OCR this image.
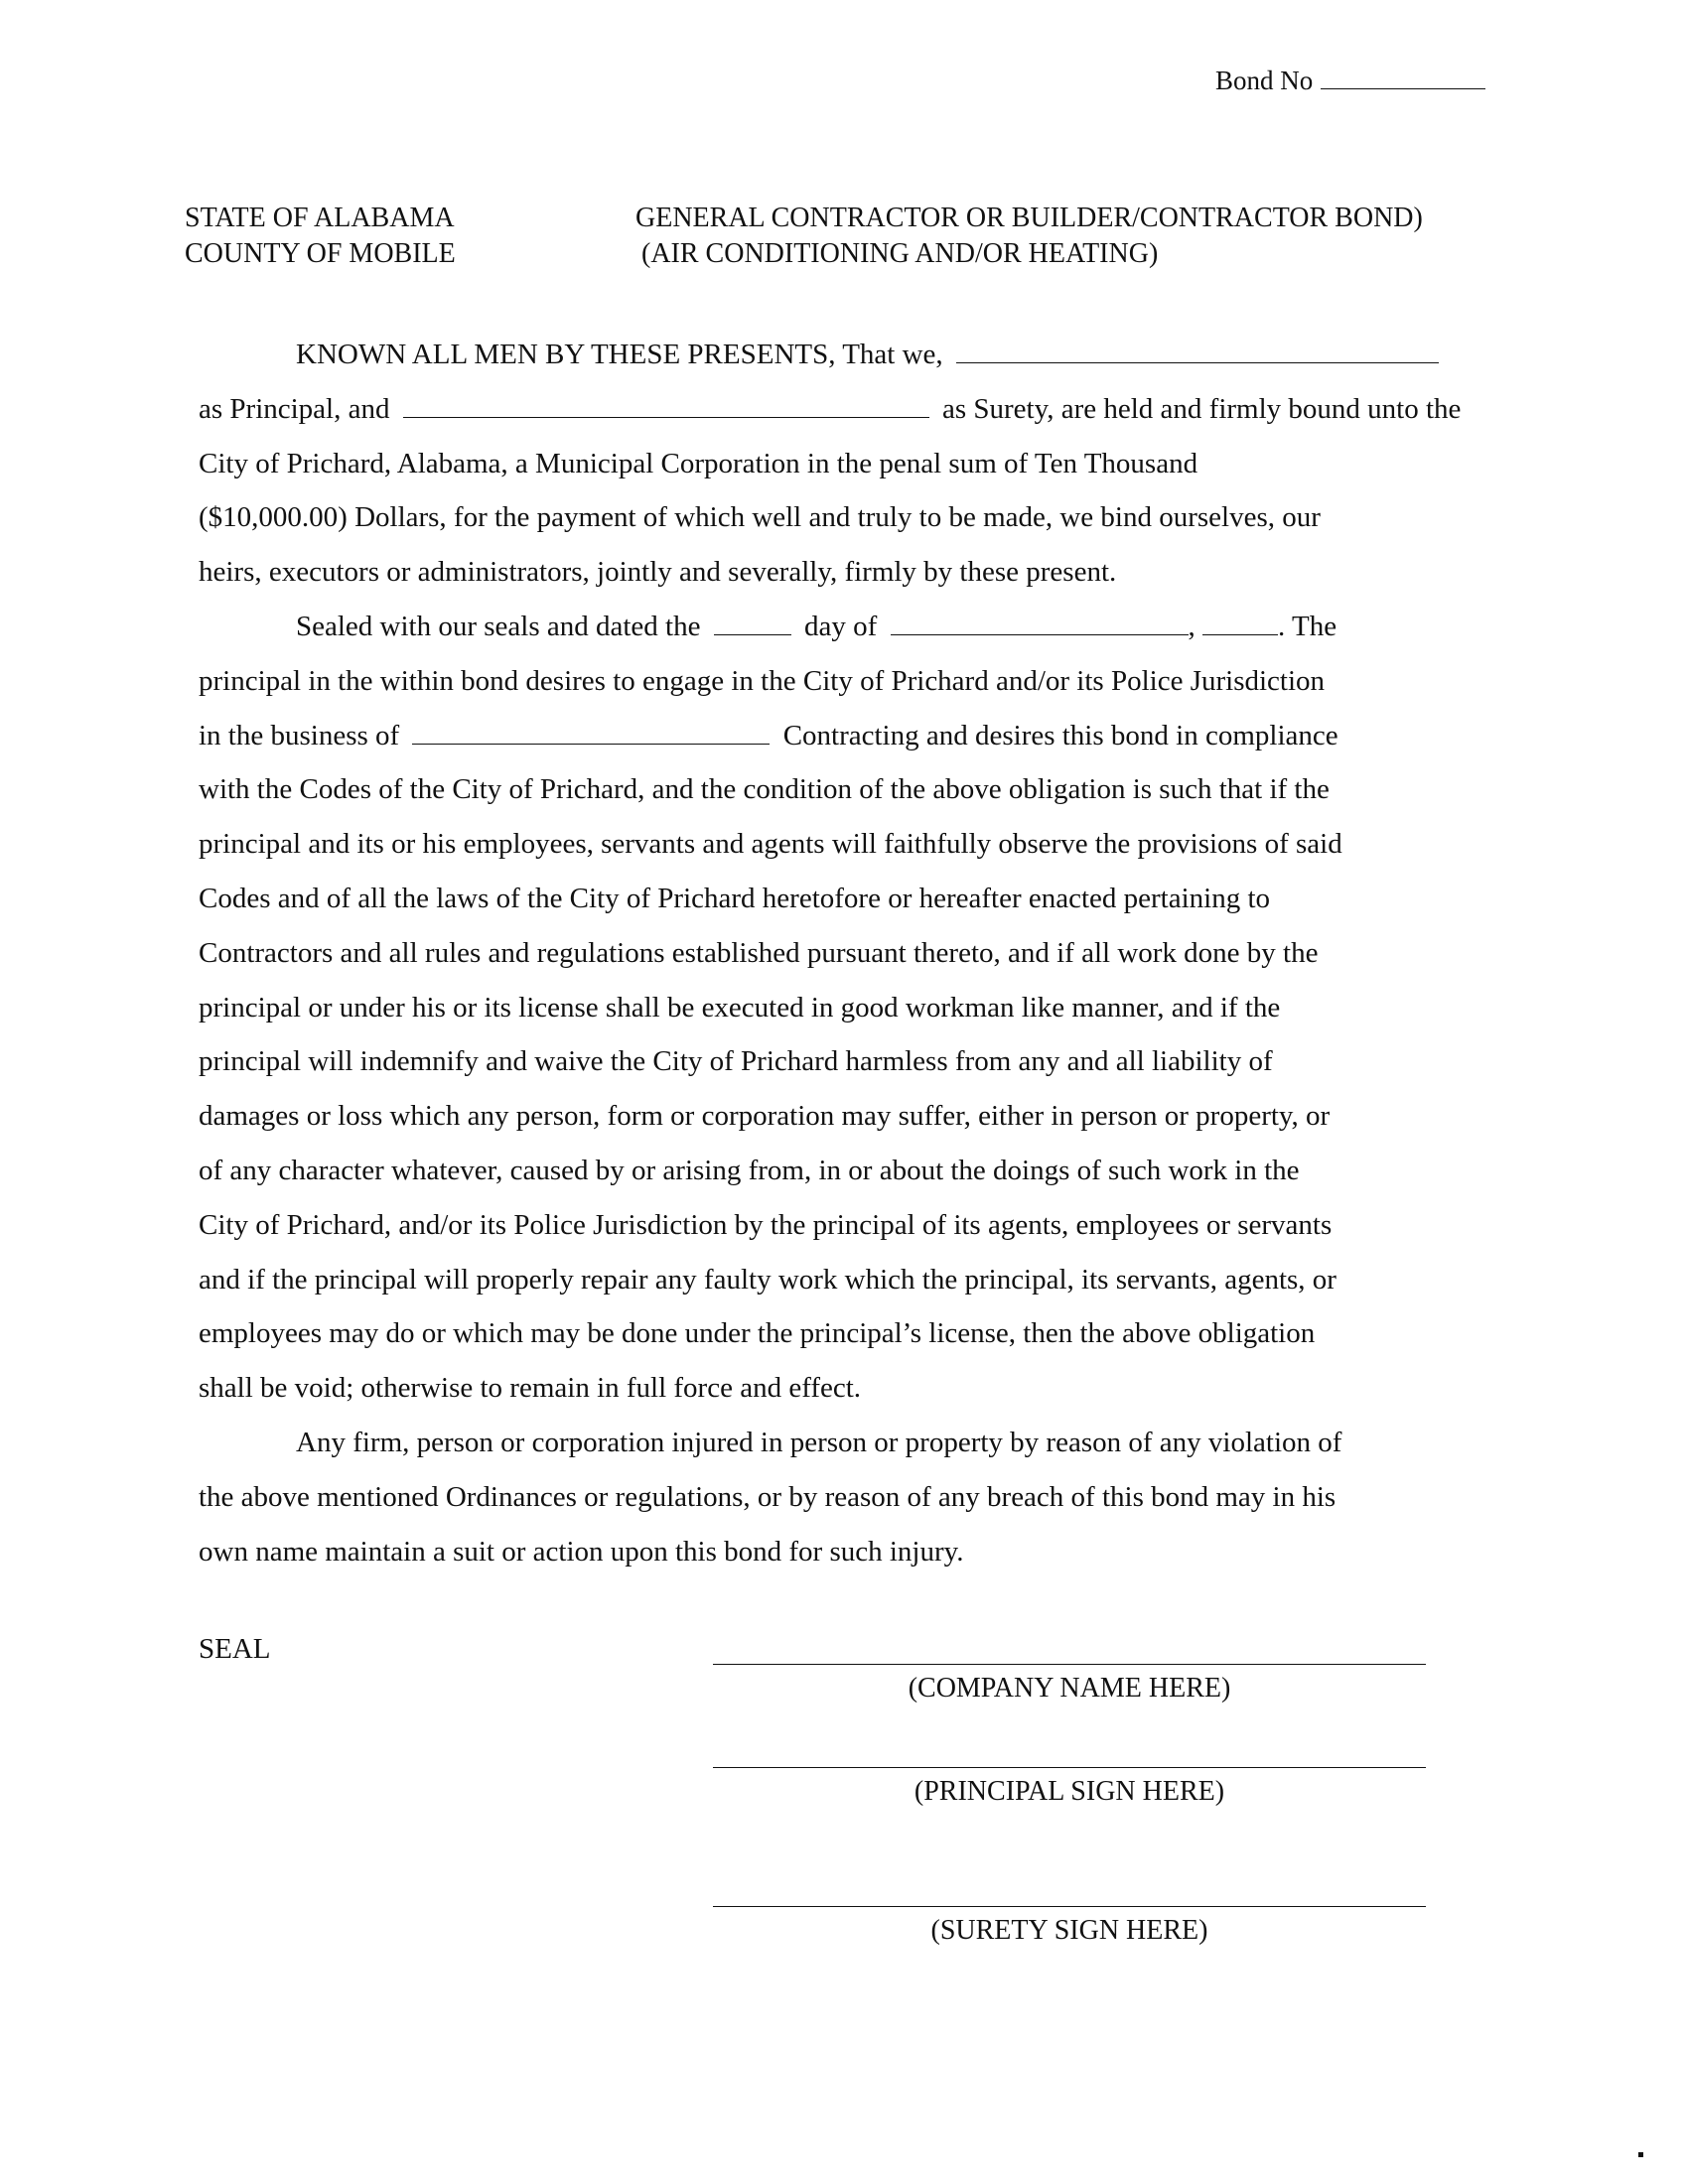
Bond No
STATE OF ALABAMA
COUNTY OF MOBILE
GENERAL CONTRACTOR OR BUILDER/CONTRACTOR BOND)
(AIR CONDITIONING AND/OR HEATING)
KNOWN ALL MEN BY THESE PRESENTS, That we,
as Principal, and	as Surety, are held and firmly bound unto the
City of Prichard, Alabama, a Municipal Corporation in the penal sum of Ten Thousand
($10,000.00) Dollars, for the payment of which well and truly to be made, we bind ourselves, our
heirs, executors or administrators, jointly and severally, firmly by these present.
Sealed with our seals and dated the	day of	,	. The
principal in the within bond desires to engage in the City of Prichard and/or its Police Jurisdiction
in the business of	Contracting and desires this bond in compliance
with the Codes of the City of Prichard, and the condition of the above obligation is such that if the
principal and its or his employees, servants and agents will faithfully observe the provisions of said
Codes and of all the laws of the City of Prichard heretofore or hereafter enacted pertaining to
Contractors and all rules and regulations established pursuant thereto, and if all work done by the
principal or under his or its license shall be executed in good workman like manner, and if the
principal will indemnify and waive the City of Prichard harmless from any and all liability of
damages or loss which any person, form or corporation may suffer, either in person or property, or
of any character whatever, caused by or arising from, in or about the doings of such work in the
City of Prichard, and/or its Police Jurisdiction by the principal of its agents, employees or servants
and if the principal will properly repair any faulty work which the principal, its servants, agents, or
employees may do or which may be done under the principal’s license, then the above obligation
shall be void; otherwise to remain in full force and effect.
Any firm, person or corporation injured in person or property by reason of any violation of
the above mentioned Ordinances or regulations, or by reason of any breach of this bond may in his
own name maintain a suit or action upon this bond for such injury.
SEAL
(COMPANY NAME HERE)
(PRINCIPAL SIGN HERE)
(SURETY SIGN HERE)
